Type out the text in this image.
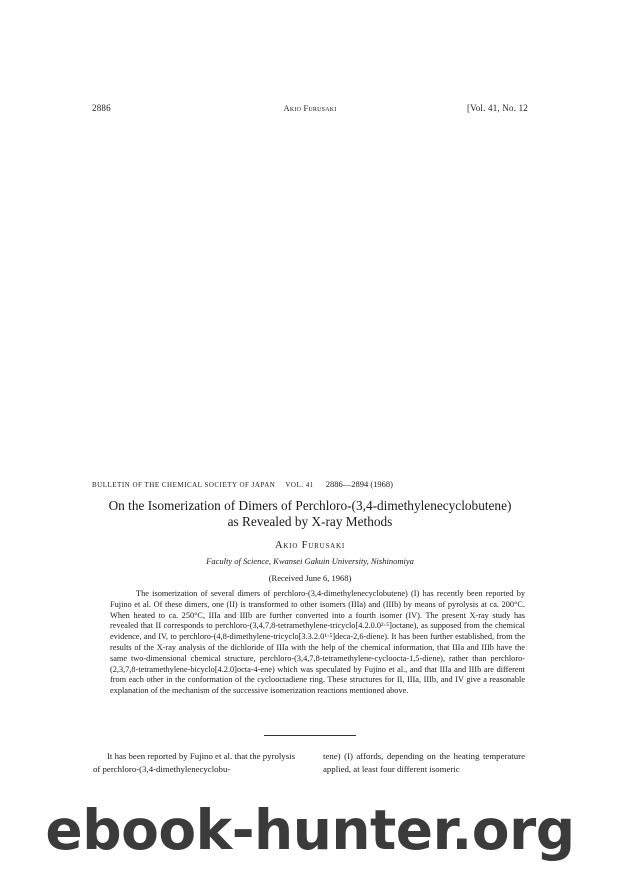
2886	Akio Furusaki	[Vol. 41, No. 12
BULLETIN OF THE CHEMICAL SOCIETY OF JAPAN VOL. 41 2886—2894 (1968)
On the Isomerization of Dimers of Perchloro-(3,4-dimethylenecyclobutene)
as Revealed by X-ray Methods
Akio Furusaki
Faculty of Science, Kwansei Gakuin University, Nishinomiya
(Received June 6, 1968)

The isomerization of several dimers of perchloro-(3,4-dimethylenecyclobutene) (I) has recently been reported by Fujino et al. Of these dimers, one (II) is transformed to other isomers (IIIa) and (IIIb) by means of pyrolysis at ca. 200°C. When heated to ca. 250°C, IIIa and IIIb are further converted into a fourth isomer (IV). The present X-ray study has revealed that II corresponds to perchloro-(3,4,7,8-tetramethylene-tricyclo[4.2.0.0²·⁵]octane), as supposed from the chemical evidence, and IV, to perchloro-(4,8-dimethylene-tricyclo[3.3.2.0¹·⁵]deca-2,6-diene). It has been further established, from the results of the X-ray analysis of the dichloride of IIIa with the help of the chemical information, that IIIa and IIIb have the same two-dimensional chemical structure, perchloro-(3,4,7,8-tetramethylene-cycloocta-1,5-diene), rather than perchloro-(2,3,7,8-tetramethylene-bicyclo[4.2.0]octa-4-ene) which was speculated by Fujino et al., and that IIIa and IIIb are different from each other in the conformation of the cyclooctadiene ring. These structures for II, IIIa, IIIb, and IV give a reasonable explanation of the mechanism of the successive isomerization reactions mentioned above.

It has been reported by Fujino et al. that the pyrolysis of perchloro-(3,4-dimethylenecyclobu-

tene) (I) affords, depending on the heating temperature applied, at least four different isomeric

ebook-hunter.org
